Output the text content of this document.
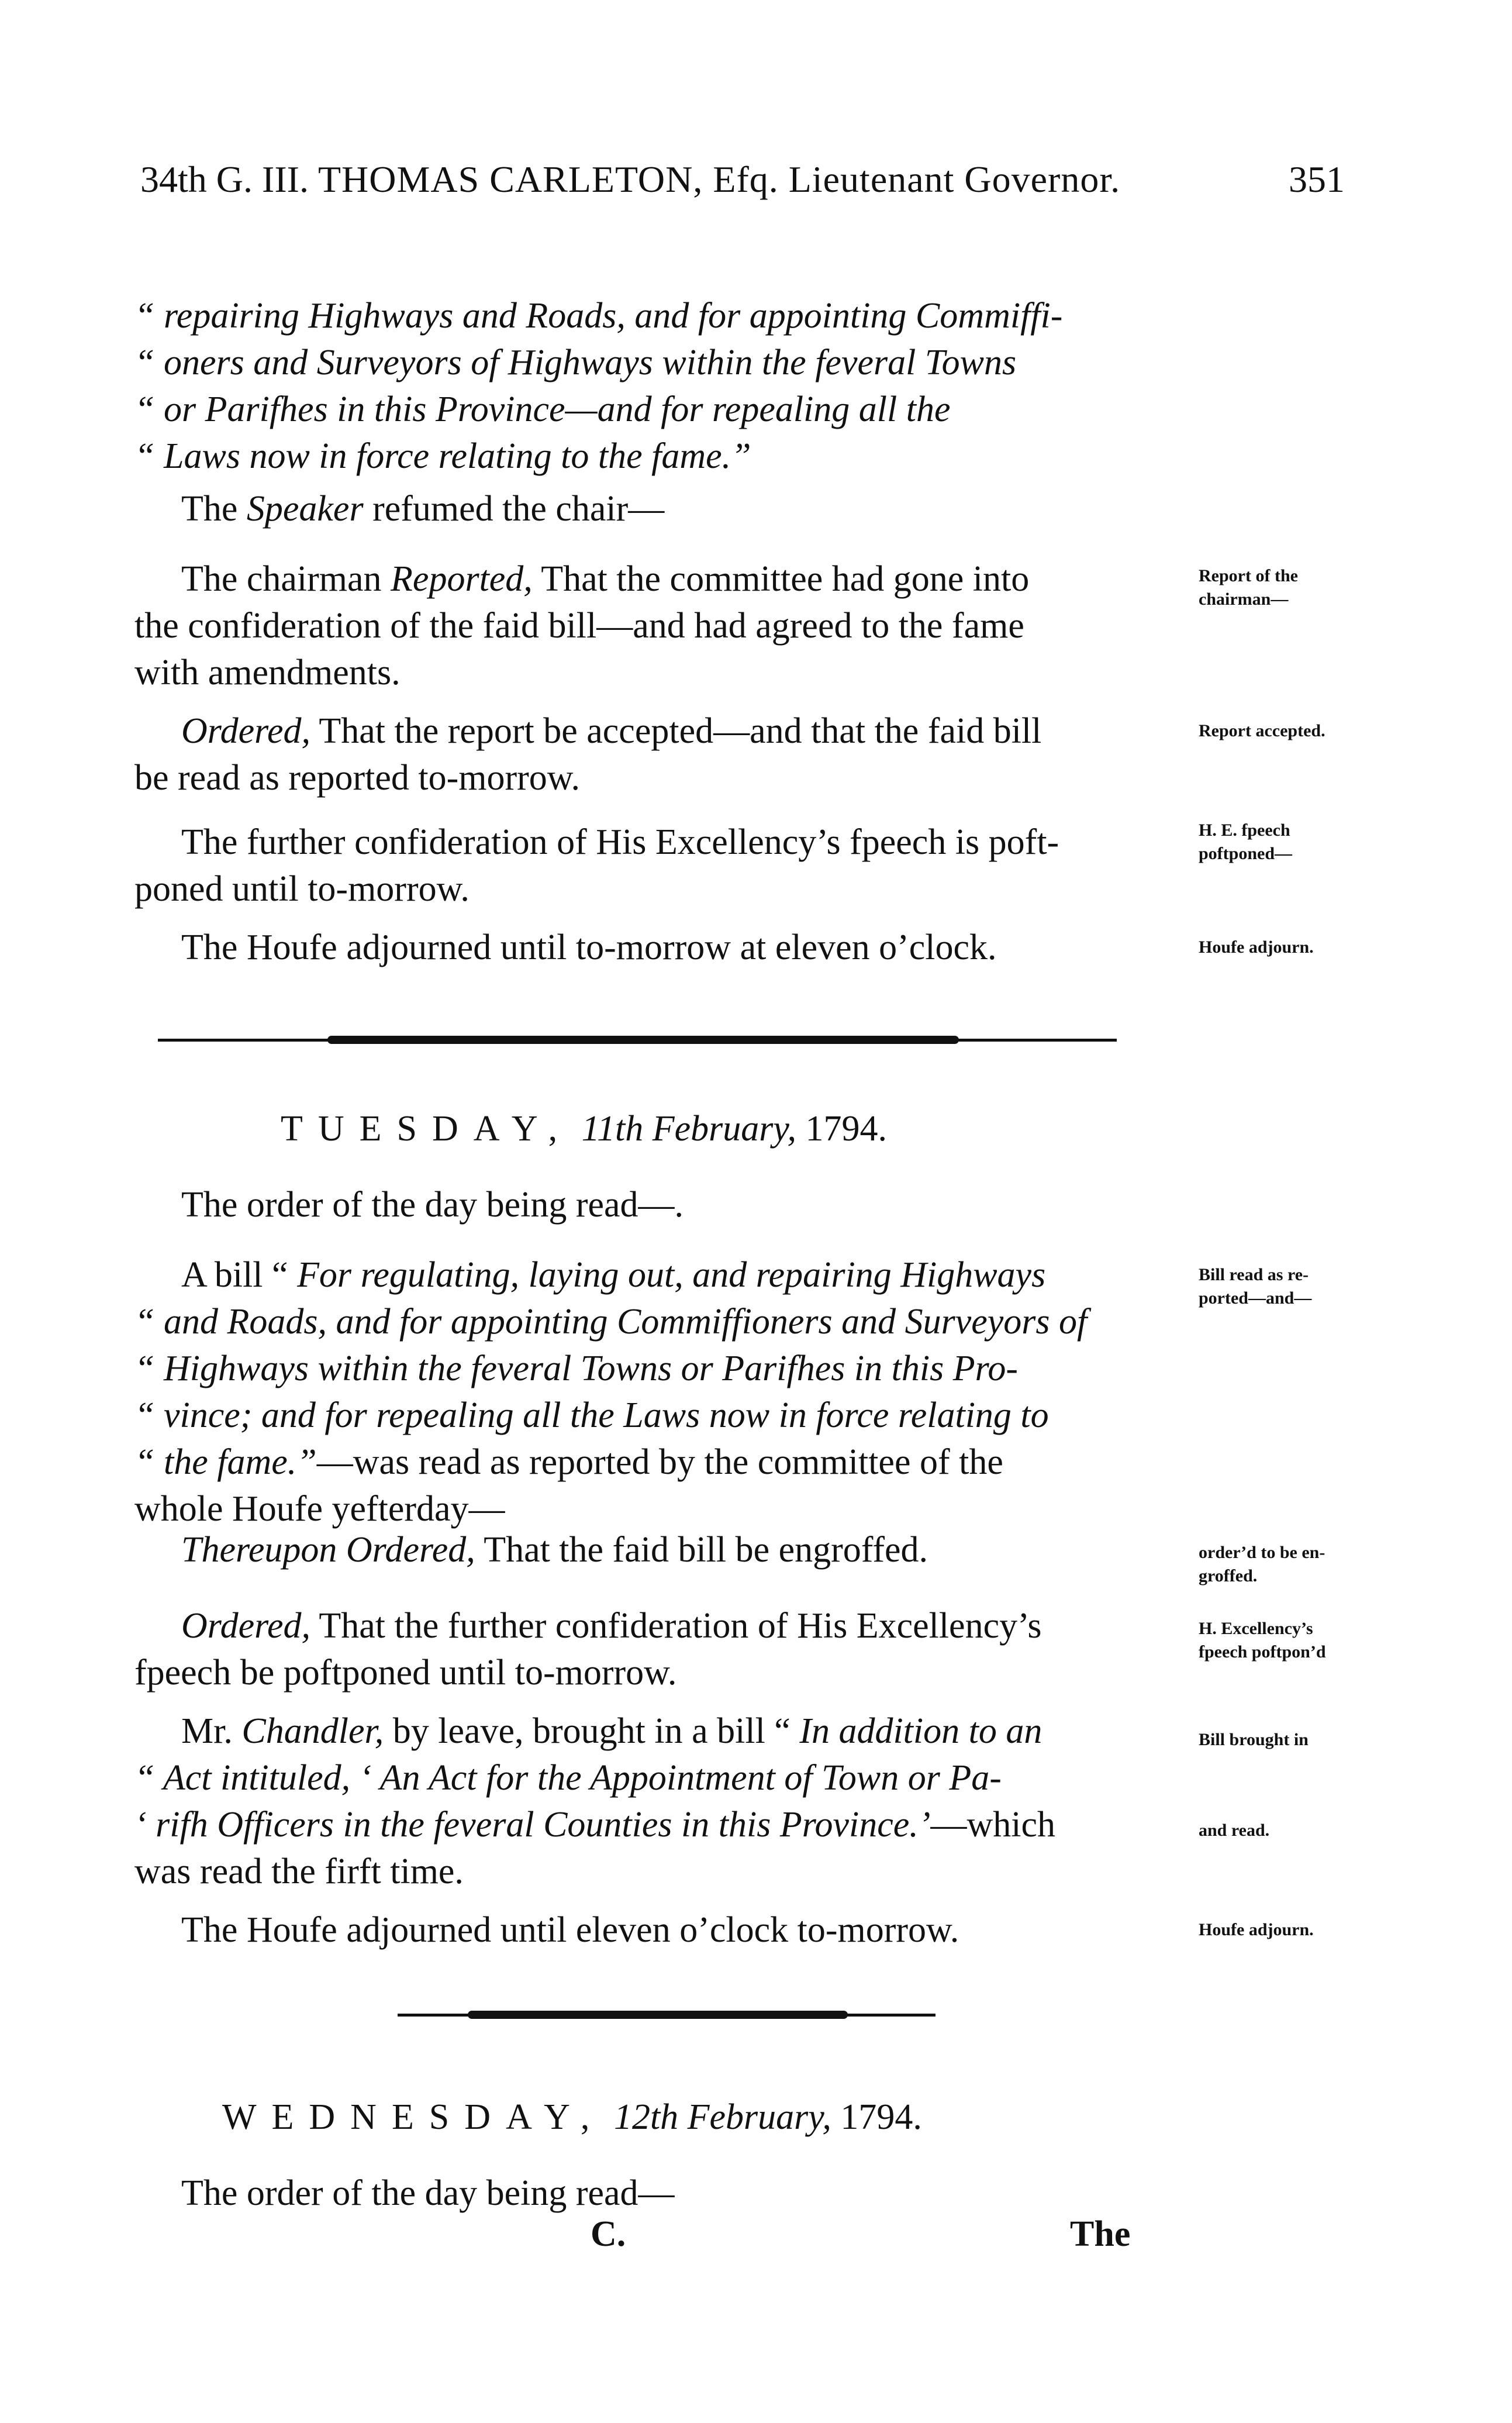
34th G. III. THOMAS CARLETON, Efq. Lieutenant Governor.	351
“ repairing Highways and Roads, and for appointing Commiffi-
“ oners and Surveyors of Highways within the feveral Towns
“ or Parifhes in this Province—and for repealing all the
“ Laws now in force relating to the fame.”
The Speaker refumed the chair—
The chairman Reported, That the committee had gone into
the confideration of the faid bill—and had agreed to the fame
with amendments.
Report of the
chairman—
Ordered, That the report be accepted—and that the faid bill
be read as reported to-morrow.
Report accepted.
The further confideration of His Excellency’s fpeech is poft-
poned until to-morrow.
H. E. fpeech
poftponed—
The Houfe adjourned until to-morrow at eleven o’clock.	Houfe adjourn.
TUESDAY, 11th February, 1794.
The order of the day being read—.
A bill “ For regulating, laying out, and repairing Highways
“ and Roads, and for appointing Commiffioners and Surveyors of
“ Highways within the feveral Towns or Parifhes in this Pro-
“ vince; and for repealing all the Laws now in force relating to
“ the fame.”—was read as reported by the committee of the
whole Houfe yefterday—
Bill read as re-
ported—and—
Thereupon Ordered, That the faid bill be engroffed.	order’d to be en-
groffed.
Ordered, That the further confideration of His Excellency’s
fpeech be poftponed until to-morrow.
H. Excellency’s
fpeech poftpon’d
Mr. Chandler, by leave, brought in a bill “ In addition to an
“ Act intituled, ‘ An Act for the Appointment of Town or Pa-
‘ rifh Officers in the feveral Counties in this Province.’—which
was read the firft time.
Bill brought in
and read.
The Houfe adjourned until eleven o’clock to-morrow.	Houfe adjourn.
WEDNESDAY, 12th February, 1794.
The order of the day being read—
C.	The
